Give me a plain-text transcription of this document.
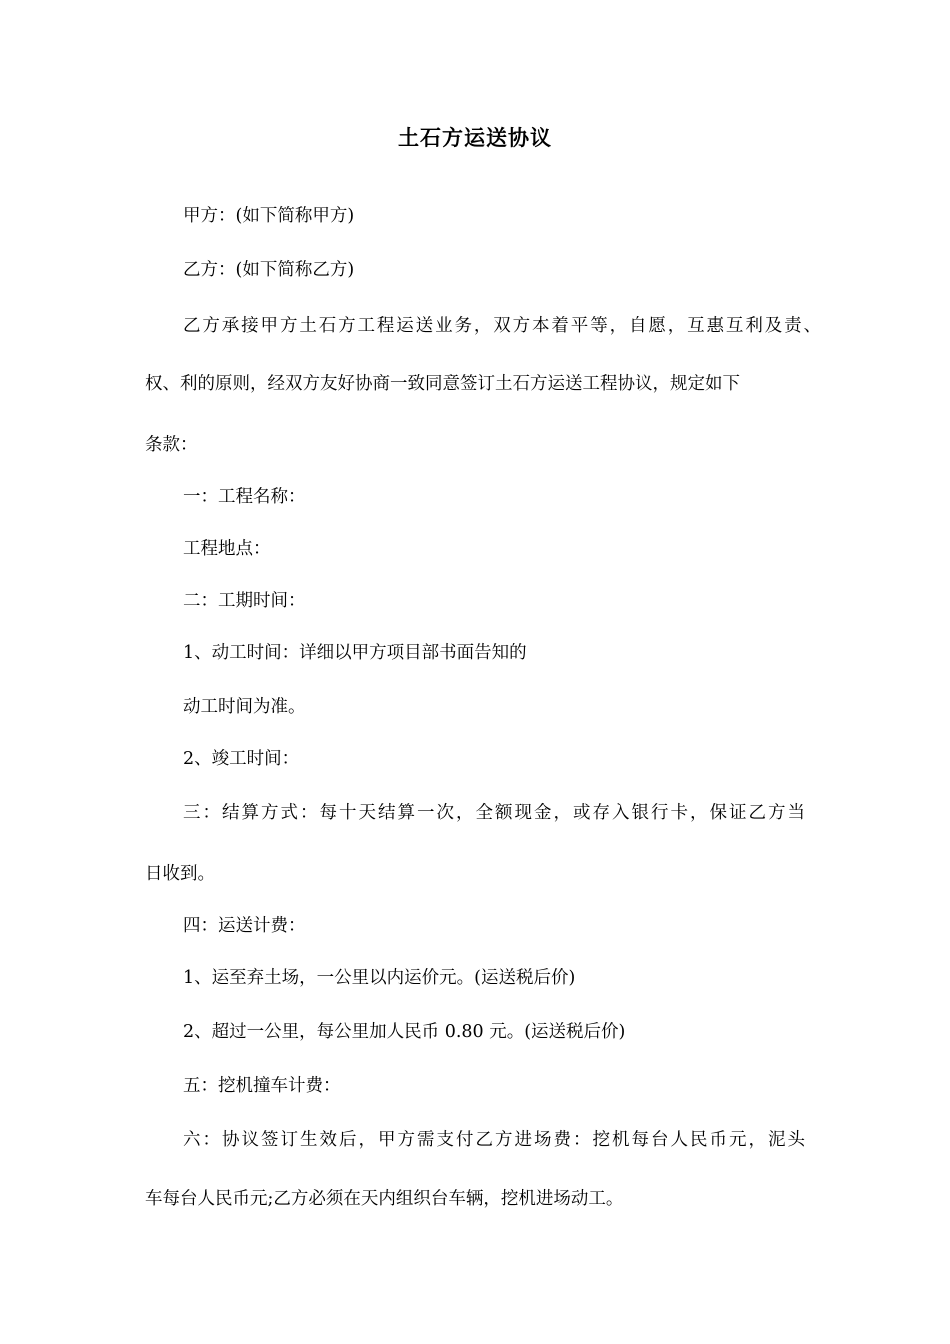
土石方运送协议
甲方：(如下简称甲方)
乙方：(如下简称乙方)
乙方承接甲方土石方工程运送业务，双方本着平等，自愿，互惠互利及责、
权、利的原则，经双方友好协商一致同意签订土石方运送工程协议，规定如下
条款：
一：工程名称：
工程地点：
二：工期时间：
1、动工时间：详细以甲方项目部书面告知的
动工时间为准。
2、竣工时间：
三：结算方式：每十天结算一次，全额现金，或存入银行卡，保证乙方当
日收到。
四：运送计费：
1、运至弃土场，一公里以内运价元。(运送税后价)
2、超过一公里，每公里加人民币 0.80 元。(运送税后价)
五：挖机撞车计费：
六：协议签订生效后，甲方需支付乙方进场费：挖机每台人民币元，泥头
车每台人民币元;乙方必须在天内组织台车辆，挖机进场动工。
